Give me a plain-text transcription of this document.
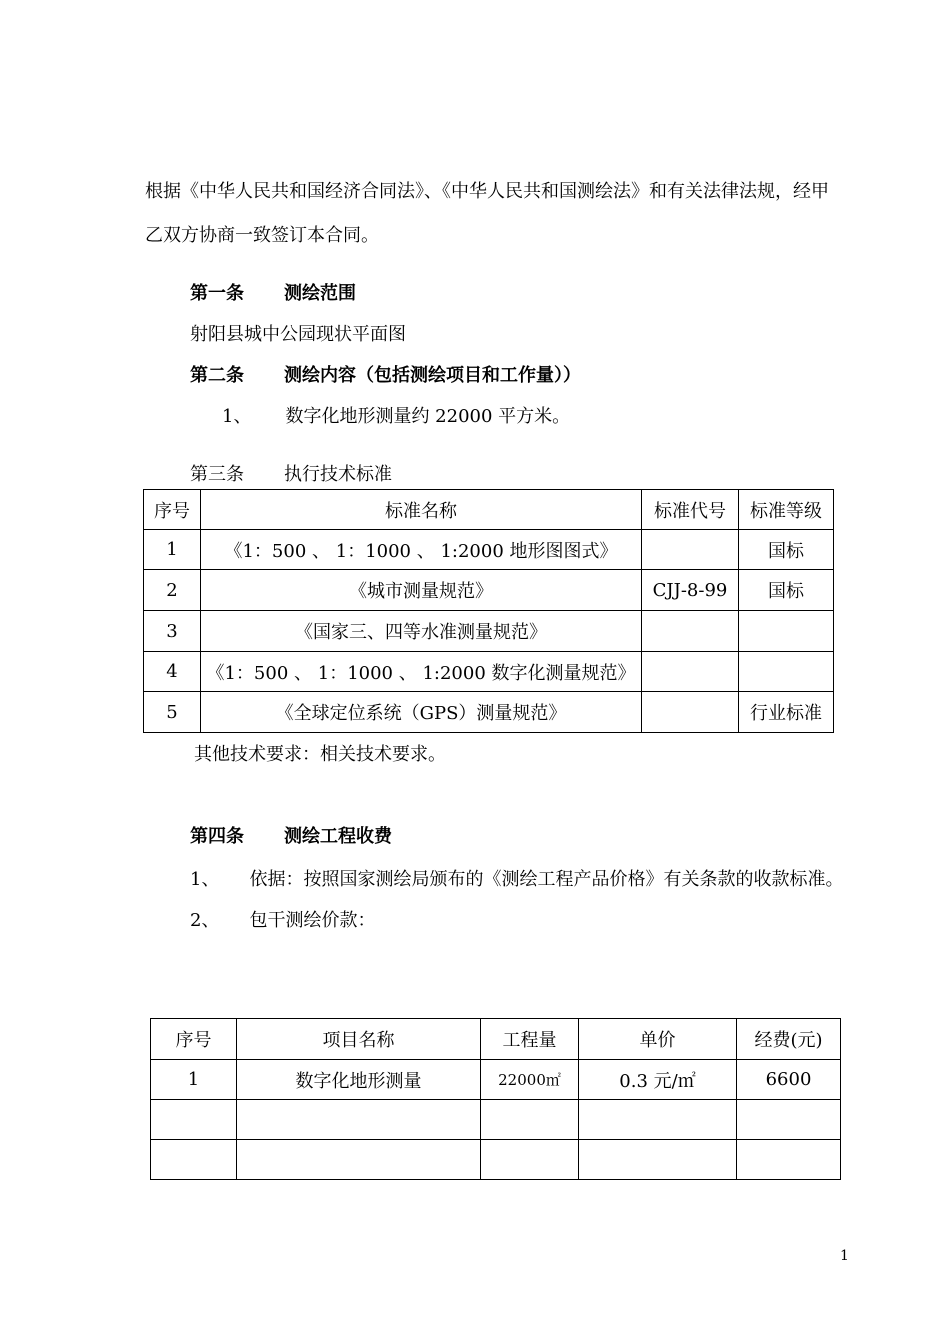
根据《中华人民共和国经济合同法》、《中华人民共和国测绘法》和有关法律法规，经甲
乙双方协商一致签订本合同。
第一条 测绘范围
射阳县城中公园现状平面图
第二条 测绘内容（包括测绘项目和工作量））
1、 数字化地形测量约 22000 平方米。
第三条 执行技术标准
序号	标准名称	标准代号	标准等级
1	《1：500 、 1：1000 、 1:2000 地形图图式》		国标
2	《城市测量规范》	CJJ-8-99	国标
3	《国家三、四等水准测量规范》		
4	《1：500 、 1：1000 、 1:2000 数字化测量规范》		
5	《全球定位系统（GPS）测量规范》		行业标准
其他技术要求：相关技术要求。
第四条 测绘工程收费
1、 依据：按照国家测绘局颁布的《测绘工程产品价格》有关条款的收款标准。
2、 包干测绘价款：
序号	项目名称	工程量	单价	经费(元)
1	数字化地形测量	22000㎡	0.3 元/㎡	6600

1
